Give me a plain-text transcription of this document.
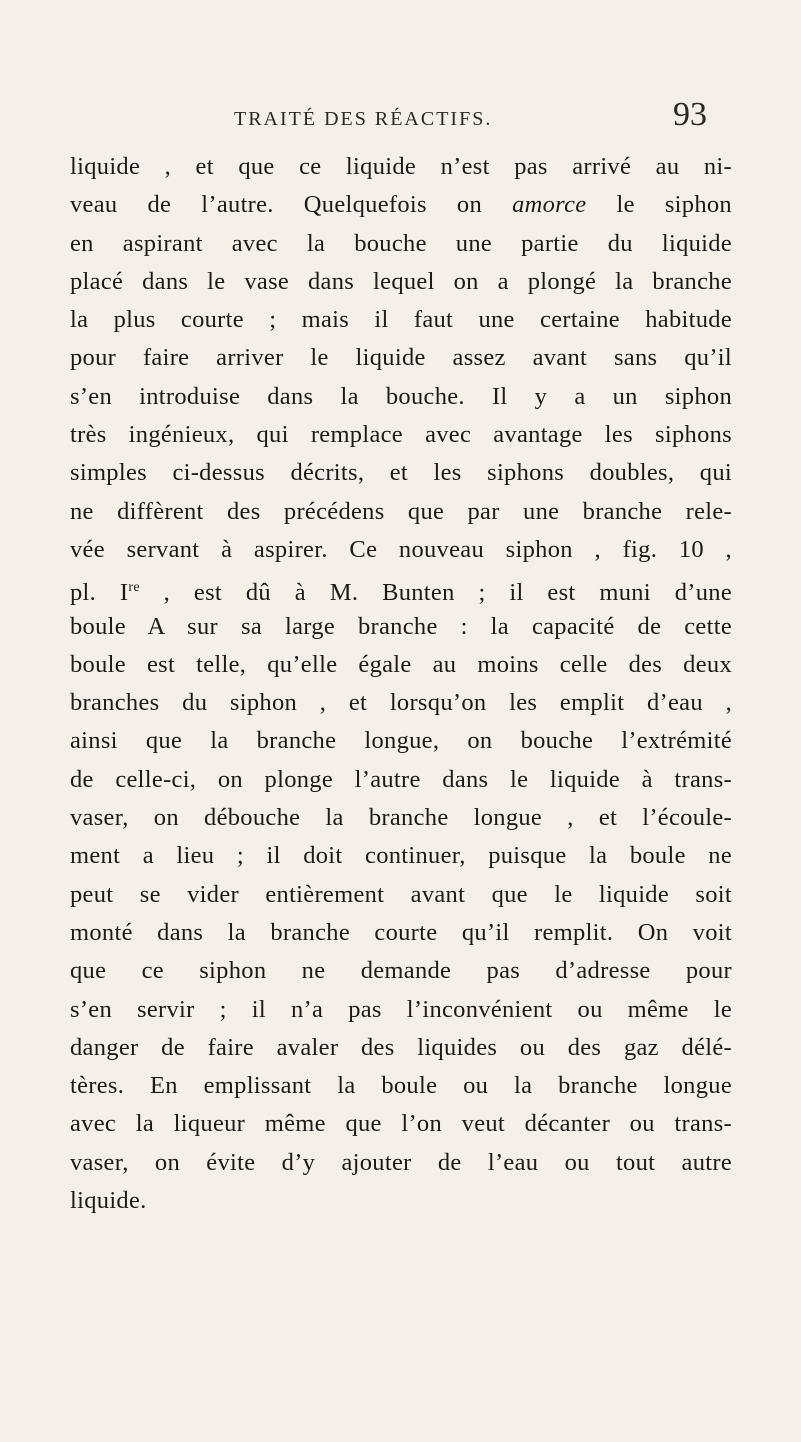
TRAITÉ DES RÉACTIFS.	93
liquide , et que ce liquide n’est pas arrivé au ni-
veau de l’autre. Quelquefois on amorce le siphon
en aspirant avec la bouche une partie du liquide
placé dans le vase dans lequel on a plongé la branche
la plus courte ; mais il faut une certaine habitude
pour faire arriver le liquide assez avant sans qu’il
s’en introduise dans la bouche. Il y a un siphon
très ingénieux, qui remplace avec avantage les siphons
simples ci-dessus décrits, et les siphons doubles, qui
ne diffèrent des précédens que par une branche rele-
vée servant à aspirer. Ce nouveau siphon , fig. 10 ,
pl. Ire , est dû à M. Bunten ; il est muni d’une
boule A sur sa large branche : la capacité de cette
boule est telle, qu’elle égale au moins celle des deux
branches du siphon , et lorsqu’on les emplit d’eau ,
ainsi que la branche longue, on bouche l’extrémité
de celle-ci, on plonge l’autre dans le liquide à trans-
vaser, on débouche la branche longue , et l’écoule-
ment a lieu ; il doit continuer, puisque la boule ne
peut se vider entièrement avant que le liquide soit
monté dans la branche courte qu’il remplit. On voit
que ce siphon ne demande pas d’adresse pour
s’en servir ; il n’a pas l’inconvénient ou même le
danger de faire avaler des liquides ou des gaz délé-
tères. En emplissant la boule ou la branche longue
avec la liqueur même que l’on veut décanter ou trans-
vaser, on évite d’y ajouter de l’eau ou tout autre
liquide.
